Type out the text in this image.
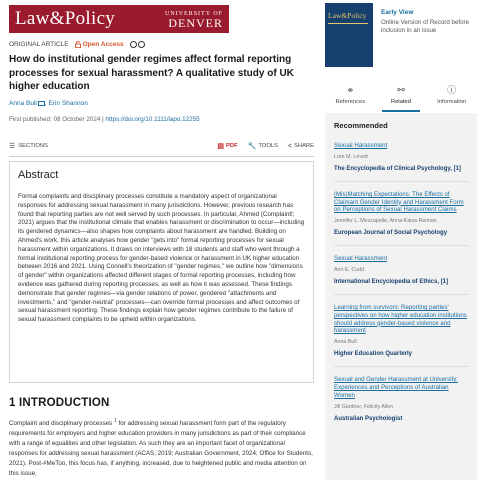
Law&Policy	UNIVERSITY OF
DENVER
ORIGINAL ARTICLE Open Access
How do institutional gender regimes affect formal reporting processes for sexual harassment? A qualitative study of UK higher education
Anna Bull , Erin Shannon
First published: 08 October 2024 | https://doi.org/10.1111/lapo.12255
☰ SECTIONS	▤ PDF 🔧 TOOLS < SHARE
Abstract

Formal complaints and disciplinary processes constitute a mandatory aspect of organizational responses for addressing sexual harassment in many jurisdictions. However, previous research has found that reporting parties are not well served by such processes. In particular, Ahmed (Complaint!; 2021) argues that the institutional climate that enables harassment or discrimination to occur—including its gendered dynamics—also shapes how complaints about harassment are handled. Building on Ahmed's work, this article analyses how gender "gets into" formal reporting processes for sexual harassment within organizations. It draws on interviews with 18 students and staff who went through a formal institutional reporting process for gender-based violence or harassment in UK higher education between 2016 and 2021. Using Connell's theorization of "gender regimes," we outline how "dimensions of gender" within organizations affected different stages of formal reporting processes, including how evidence was gathered during reporting processes, as well as how it was assessed. These findings demonstrate that gender regimes—via gender relations of power, gendered "attachments and investments," and "gender-neutral" processes—can override formal processes and affect outcomes of sexual harassment reporting. These findings explain how gender regimes contribute to the failure of sexual harassment complaints to be upheld within organizations.

1 INTRODUCTION
Complaint and disciplinary processes $^1$ for addressing sexual harassment form part of the regulatory requirements for employers and higher education providers in many jurisdictions as part of their compliance with a range of equalities and other legislation. As such they are an important facet of organizational responses for addressing sexual harassment (ACAS, 2019; Australian Government, 2024; Office for Students, 2021). Post-#MeToo, this focus has, if anything, increased, due to heightened public and media attention on this issue,
Law&Policy Early View
Online Version of Record before inclusion in an issue
⚭
References
⚯
Related
ⓘ
Information
Recommended
Sexual Harassment
Lora M. Levett
The Encyclopedia of Clinical Psychology, [1]
(Mis)Matching Expectations: The Effects of Claimant Gender Identity and Harassment Form on Perceptions of Sexual Harassment Claims
Jennifer L. Mezzapelle, Anna-Kaisa Reiman
European Journal of Social Psychology
Sexual Harassment
Ann E. Cudd
International Encyclopedia of Ethics, [1]
Learning from survivors: Reporting parties' perspectives on how higher education institutions should address gender-based violence and harassment
Anna Bull
Higher Education Quarterly
Sexual and Gender Harassment at University: Experiences and Perceptions of Australian Women
Jill Gardner, Felicity Allen
Australian Psychologist
